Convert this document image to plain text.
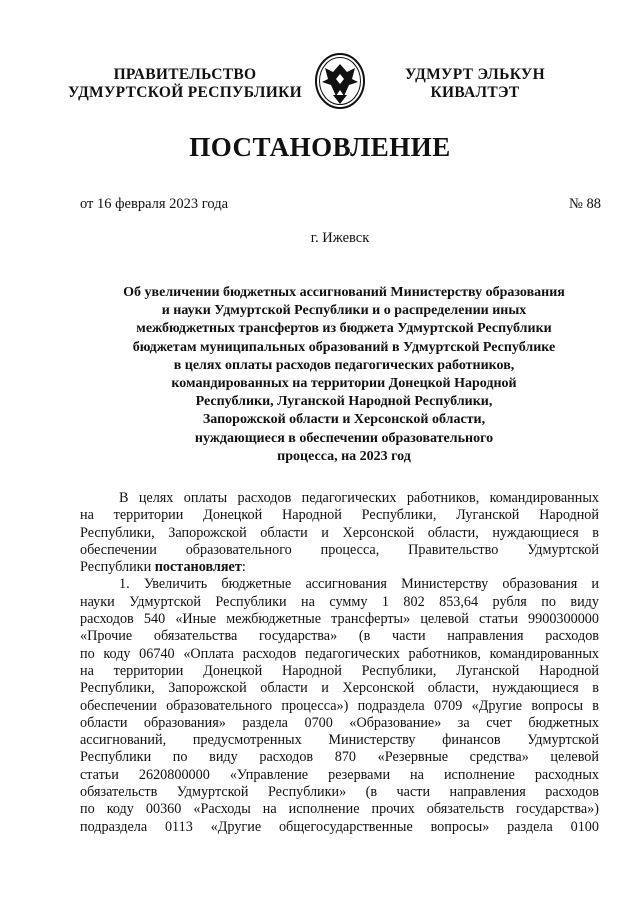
ПРАВИТЕЛЬСТВО
УДМУРТСКОЙ РЕСПУБЛИКИ
УДМУРТ ЭЛЬКУН
КИВАЛТЭТ
ПОСТАНОВЛЕНИЕ
от 16 февраля 2023 года	№ 88
г. Ижевск
Об увеличении бюджетных ассигнований Министерству образования
и науки Удмуртской Республики и о распределении иных
межбюджетных трансфертов из бюджета Удмуртской Республики
бюджетам муниципальных образований в Удмуртской Республике
в целях оплаты расходов педагогических работников,
командированных на территории Донецкой Народной
Республики, Луганской Народной Республики,
Запорожской области и Херсонской области,
нуждающиеся в обеспечении образовательного
процесса, на 2023 год
В целях оплаты расходов педагогических работников, командированных
на территории Донецкой Народной Республики, Луганской Народной
Республики, Запорожской области и Херсонской области, нуждающиеся в
обеспечении образовательного процесса, Правительство Удмуртской
Республики постановляет:
1. Увеличить бюджетные ассигнования Министерству образования и
науки Удмуртской Республики на сумму 1 802 853,64 рубля по виду
расходов 540 «Иные межбюджетные трансферты» целевой статьи 9900300000
«Прочие обязательства государства» (в части направления расходов
по коду 06740 «Оплата расходов педагогических работников, командированных
на территории Донецкой Народной Республики, Луганской Народной
Республики, Запорожской области и Херсонской области, нуждающиеся в
обеспечении образовательного процесса») подраздела 0709 «Другие вопросы в
области образования» раздела 0700 «Образование» за счет бюджетных
ассигнований, предусмотренных Министерству финансов Удмуртской
Республики по виду расходов 870 «Резервные средства» целевой
статьи 2620800000 «Управление резервами на исполнение расходных
обязательств Удмуртской Республики» (в части направления расходов
по коду 00360 «Расходы на исполнение прочих обязательств государства»)
подраздела 0113 «Другие общегосударственные вопросы» раздела 0100
